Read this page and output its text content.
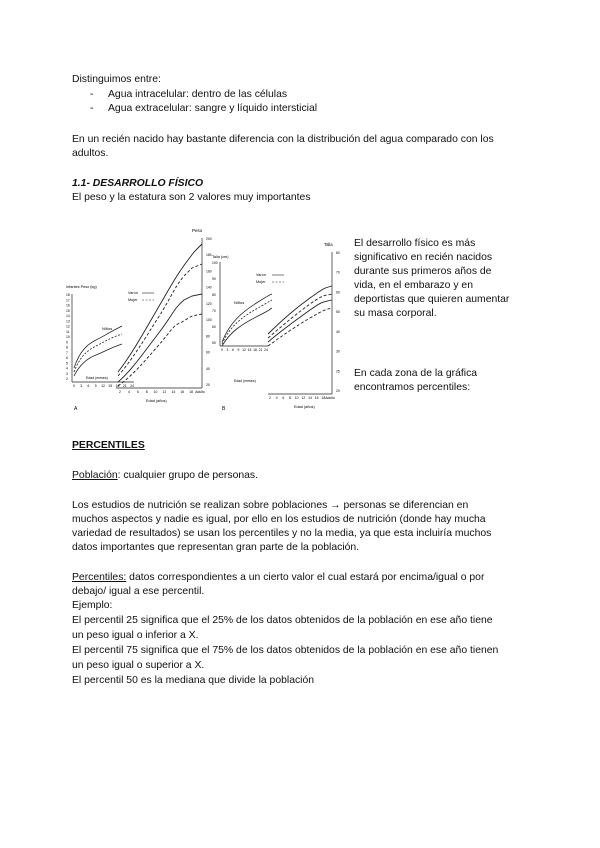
Distinguimos entre:
- Agua intracelular: dentro de las células
- Agua extracelular: sangre y líquido intersticial
En un recién nacido hay bastante diferencia con la distribución del agua comparado con los
adultos.
1.1- DESARROLLO FÍSICO
El peso y la estatura son 2 valores muy importantes
Peso
Infantes Peso (kg)
Varón
Mujer
Niños
Edad (meses)
Edad (años)
A
Talla
Talla (cm)
Varón
Mujer
Niños
Edad (meses)
Edad (años)
B
0 3 6 9 12 15 18 21 24
2 4 6 8 10 12 14 16 18 Adulto
20
40
60
80
100
120
140
160
180
200
2
3
4
5
6
7
8
9
10
11
12
13
14
15
16
17
18
0 3 6 9 12 15 18 21 24
2 4 6 8 10 12 14 16 18 Adulto
20
25
30
40
50
60
70
80
50
60
70
80
90
100
El desarrollo físico es más
significativo en recién nacidos
durante sus primeros años de
vida, en el embarazo y en
deportistas que quieren aumentar
su masa corporal.
En cada zona de la gráfica
encontramos percentiles:
PERCENTILES
Población: cualquier grupo de personas.
Los estudios de nutrición se realizan sobre poblaciones → personas se diferencian en
muchos aspectos y nadie es igual, por ello en los estudios de nutrición (donde hay mucha
variedad de resultados) se usan los percentiles y no la media, ya que esta incluiría muchos
datos importantes que representan gran parte de la población.
Percentiles: datos correspondientes a un cierto valor el cual estará por encima/igual o por
debajo/ igual a ese percentil.
Ejemplo:
El percentil 25 significa que el 25% de los datos obtenidos de la población en ese año tiene
un peso igual o inferior a X.
El percentil 75 significa que el 75% de los datos obtenidos de la población en ese año tienen
un peso igual o superior a X.
El percentil 50 es la mediana que divide la población
